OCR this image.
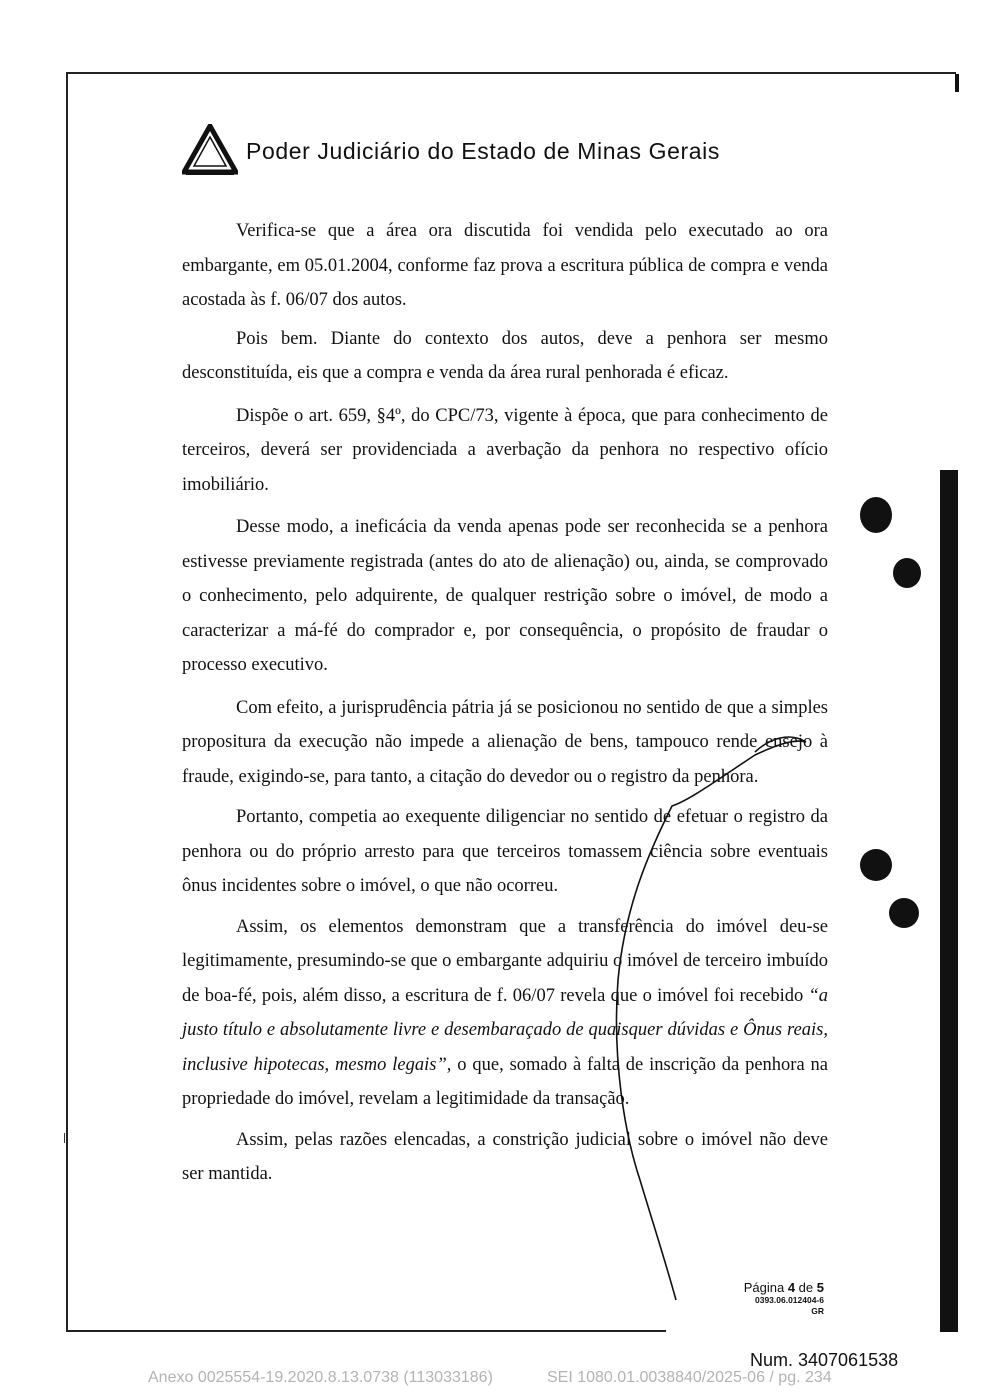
Poder Judiciário do Estado de Minas Gerais

Verifica-se que a área ora discutida foi vendida pelo executado ao ora embargante, em 05.01.2004, conforme faz prova a escritura pública de compra e venda acostada às f. 06/07 dos autos.

Pois bem. Diante do contexto dos autos, deve a penhora ser mesmo desconstituída, eis que a compra e venda da área rural penhorada é eficaz.

Dispõe o art. 659, §4º, do CPC/73, vigente à época, que para conhecimento de terceiros, deverá ser providenciada a averbação da penhora no respectivo ofício imobiliário.

Desse modo, a ineficácia da venda apenas pode ser reconhecida se a penhora estivesse previamente registrada (antes do ato de alienação) ou, ainda, se comprovado o conhecimento, pelo adquirente, de qualquer restrição sobre o imóvel, de modo a caracterizar a má-fé do comprador e, por consequência, o propósito de fraudar o processo executivo.

Com efeito, a jurisprudência pátria já se posicionou no sentido de que a simples propositura da execução não impede a alienação de bens, tampouco rende ensejo à fraude, exigindo-se, para tanto, a citação do devedor ou o registro da penhora.

Portanto, competia ao exequente diligenciar no sentido de efetuar o registro da penhora ou do próprio arresto para que terceiros tomassem ciência sobre eventuais ônus incidentes sobre o imóvel, o que não ocorreu.

Assim, os elementos demonstram que a transferência do imóvel deu-se legitimamente, presumindo-se que o embargante adquiriu o imóvel de terceiro imbuído de boa-fé, pois, além disso, a escritura de f. 06/07 revela que o imóvel foi recebido “a justo título e absolutamente livre e desembaraçado de quaisquer dúvidas e Ônus reais, inclusive hipotecas, mesmo legais”, o que, somado à falta de inscrição da penhora na propriedade do imóvel, revelam a legitimidade da transação.

Assim, pelas razões elencadas, a constrição judicial sobre o imóvel não deve ser mantida.

Página 4 de 5
0393.06.012404-6
GR
Num. 3407061538
Anexo 0025554-19.2020.8.13.0738 (113033186)	SEI 1080.01.0038840/2025-06 / pg. 234
